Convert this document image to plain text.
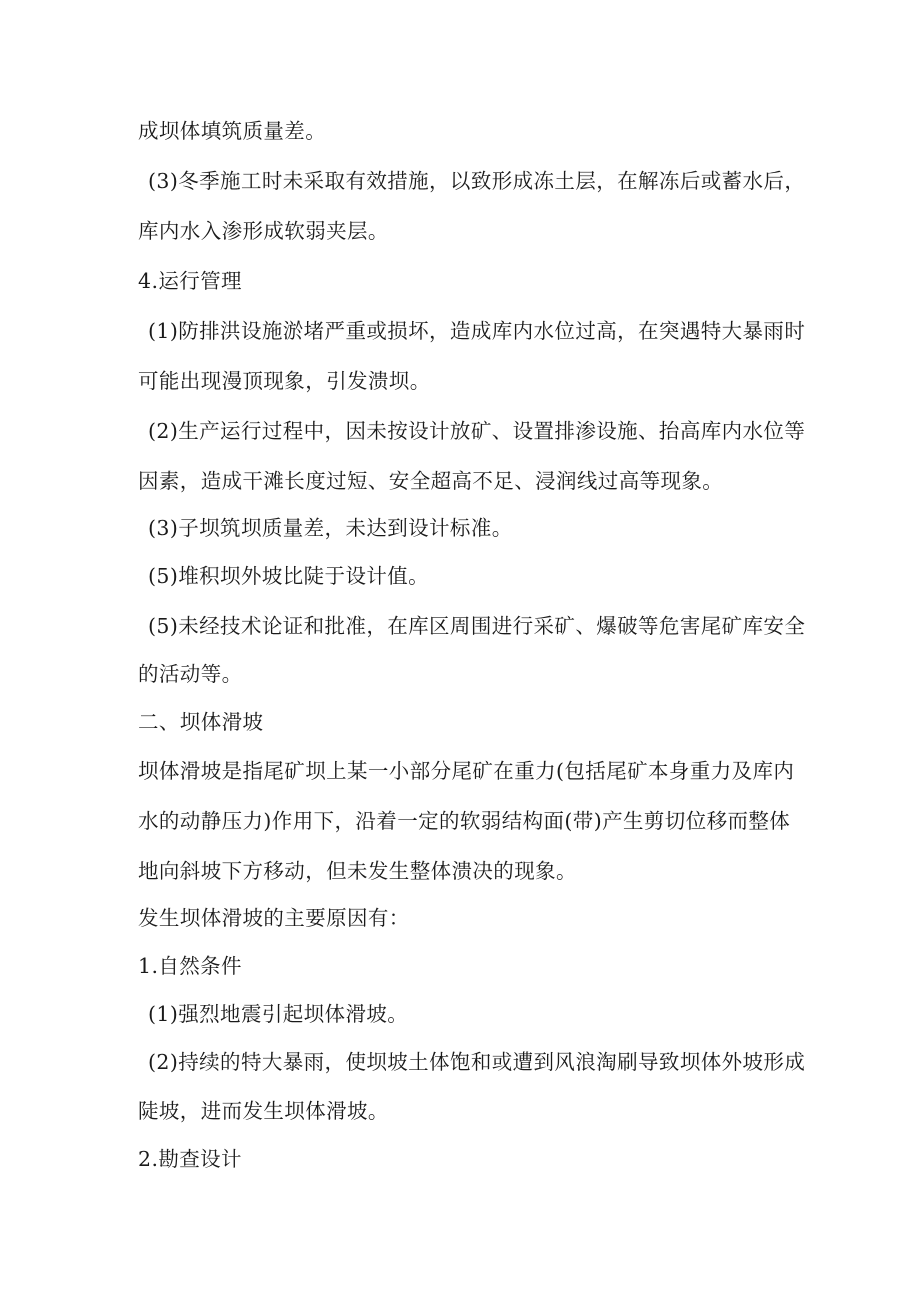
成坝体填筑质量差。
(3)冬季施工时未采取有效措施，以致形成冻土层，在解冻后或蓄水后，
库内水入渗形成软弱夹层。
4.运行管理
(1)防排洪设施淤堵严重或损坏，造成库内水位过高，在突遇特大暴雨时
可能出现漫顶现象，引发溃坝。
(2)生产运行过程中，因未按设计放矿、设置排渗设施、抬高库内水位等
因素，造成干滩长度过短、安全超高不足、浸润线过高等现象。
(3)子坝筑坝质量差，未达到设计标准。
(5)堆积坝外坡比陡于设计值。
(5)未经技术论证和批准，在库区周围进行采矿、爆破等危害尾矿库安全
的活动等。
二、坝体滑坡
坝体滑坡是指尾矿坝上某一小部分尾矿在重力(包括尾矿本身重力及库内
水的动静压力)作用下，沿着一定的软弱结构面(带)产生剪切位移而整体
地向斜坡下方移动，但未发生整体溃决的现象。
发生坝体滑坡的主要原因有：
1.自然条件
(1)强烈地震引起坝体滑坡。
(2)持续的特大暴雨，使坝坡土体饱和或遭到风浪淘刷导致坝体外坡形成
陡坡，进而发生坝体滑坡。
2.勘查设计
